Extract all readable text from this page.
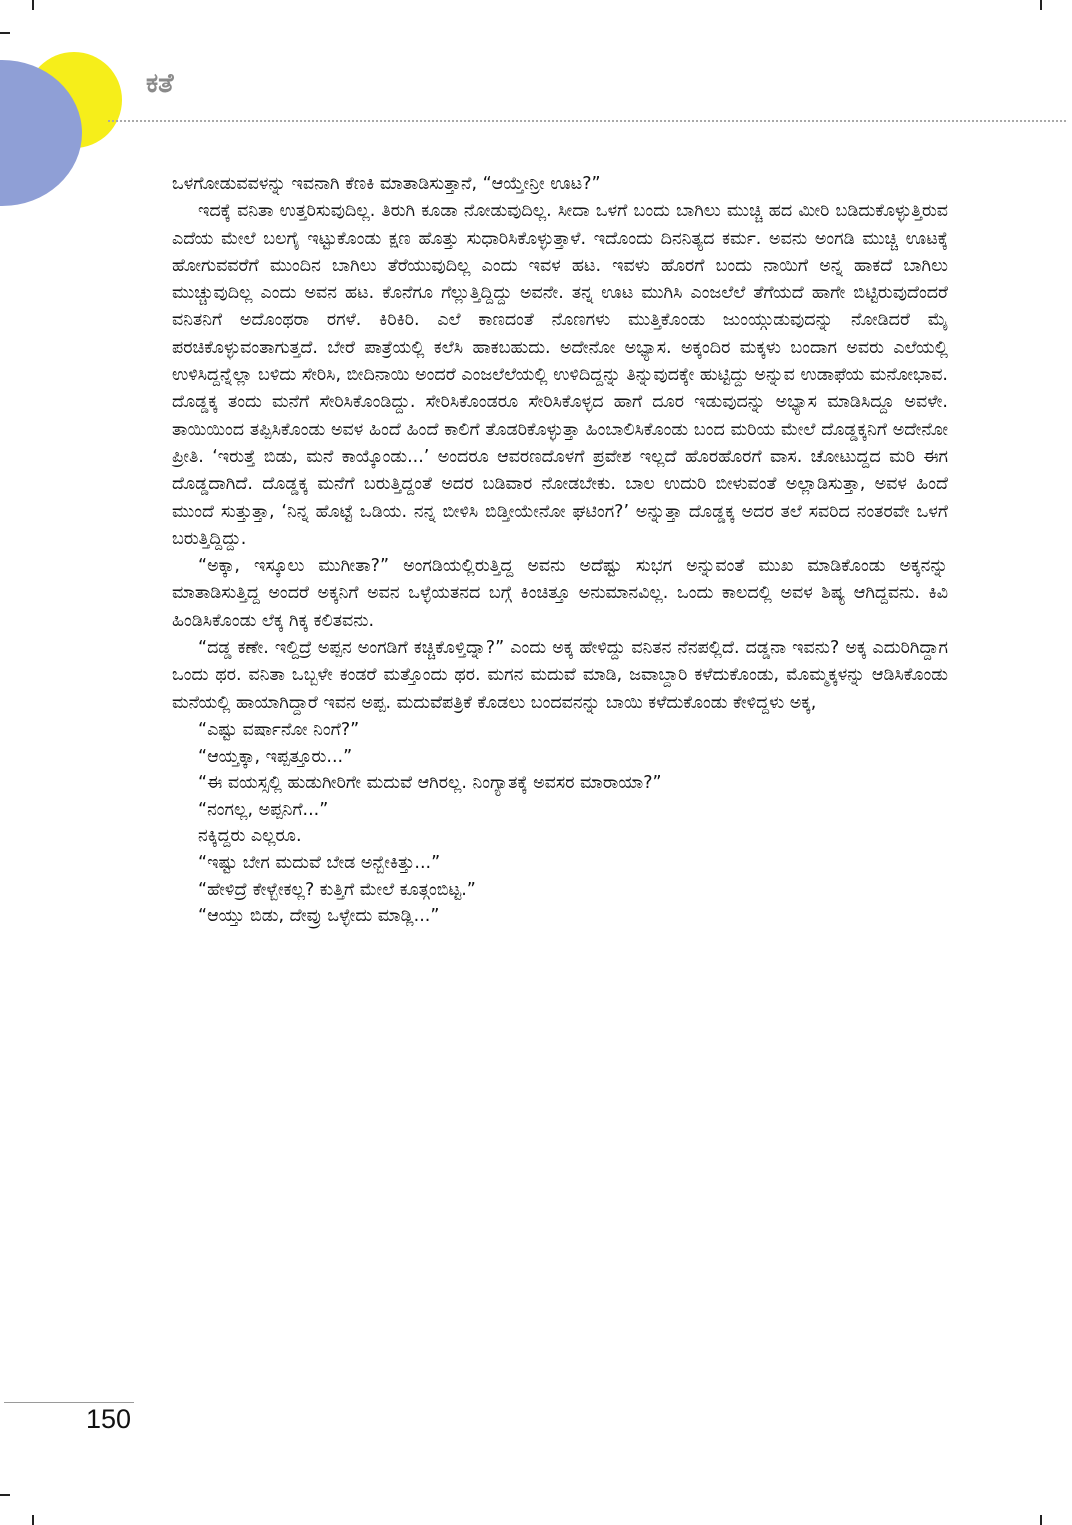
ಕತೆ

ಒಳಗೋಡುವವಳನ್ನು ಇವನಾಗಿ ಕೆಣಕಿ ಮಾತಾಡಿಸುತ್ತಾನೆ, “ಆಯ್ತೇನ್ರೀ ಊಟ?”

ಇದಕ್ಕೆ ವನಿತಾ ಉತ್ತರಿಸುವುದಿಲ್ಲ. ತಿರುಗಿ ಕೂಡಾ ನೋಡುವುದಿಲ್ಲ. ಸೀದಾ ಒಳಗೆ ಬಂದು ಬಾಗಿಲು ಮುಚ್ಚಿ ಹದ ಮೀರಿ ಬಡಿದುಕೊಳ್ಳುತ್ತಿರುವ ಎದೆಯ ಮೇಲೆ ಬಲಗೈ ಇಟ್ಟುಕೊಂಡು ಕ್ಷಣ ಹೊತ್ತು ಸುಧಾರಿಸಿಕೊಳ್ಳುತ್ತಾಳೆ. ಇದೊಂದು ದಿನನಿತ್ಯದ ಕರ್ಮ. ಅವನು ಅಂಗಡಿ ಮುಚ್ಚಿ ಊಟಕ್ಕೆ ಹೋಗುವವರೆಗೆ ಮುಂದಿನ ಬಾಗಿಲು ತೆರೆಯುವುದಿಲ್ಲ ಎಂದು ಇವಳ ಹಟ. ಇವಳು ಹೊರಗೆ ಬಂದು ನಾಯಿಗೆ ಅನ್ನ ಹಾಕದೆ ಬಾಗಿಲು ಮುಚ್ಚುವುದಿಲ್ಲ ಎಂದು ಅವನ ಹಟ. ಕೊನೆಗೂ ಗೆಲ್ಲುತ್ತಿದ್ದಿದ್ದು ಅವನೇ. ತನ್ನ ಊಟ ಮುಗಿಸಿ ಎಂಜಲೆಲೆ ತೆಗೆಯದೆ ಹಾಗೇ ಬಿಟ್ಟಿರುವುದೆಂದರೆ ವನಿತನಿಗೆ ಅದೊಂಥರಾ ರಗಳೆ. ಕಿರಿಕಿರಿ. ಎಲೆ ಕಾಣದಂತೆ ನೊಣಗಳು ಮುತ್ತಿಕೊಂಡು ಜುಂಯ್ಗುಡುವುದನ್ನು ನೋಡಿದರೆ ಮೈ ಪರಚಿಕೊಳ್ಳುವಂತಾಗುತ್ತದೆ. ಬೇರೆ ಪಾತ್ರೆಯಲ್ಲಿ ಕಲೆಸಿ ಹಾಕಬಹುದು. ಅದೇನೋ ಅಭ್ಯಾಸ. ಅಕ್ಕಂದಿರ ಮಕ್ಕಳು ಬಂದಾಗ ಅವರು ಎಲೆಯಲ್ಲಿ ಉಳಿಸಿದ್ದನ್ನೆಲ್ಲಾ ಬಳಿದು ಸೇರಿಸಿ, ಬೀದಿನಾಯಿ ಅಂದರೆ ಎಂಜಲೆಲೆಯಲ್ಲಿ ಉಳಿದಿದ್ದನ್ನು ತಿನ್ನುವುದಕ್ಕೇ ಹುಟ್ಟಿದ್ದು ಅನ್ನುವ ಉಡಾಫೆಯ ಮನೋಭಾವ. ದೊಡ್ಡಕ್ಕ ತಂದು ಮನೆಗೆ ಸೇರಿಸಿಕೊಂಡಿದ್ದು. ಸೇರಿಸಿಕೊಂಡರೂ ಸೇರಿಸಿಕೊಳ್ಳದ ಹಾಗೆ ದೂರ ಇಡುವುದನ್ನು ಅಭ್ಯಾಸ ಮಾಡಿಸಿದ್ದೂ ಅವಳೇ. ತಾಯಿಯಿಂದ ತಪ್ಪಿಸಿಕೊಂಡು ಅವಳ ಹಿಂದೆ ಹಿಂದೆ ಕಾಲಿಗೆ ತೊಡರಿಕೊಳ್ಳುತ್ತಾ ಹಿಂಬಾಲಿಸಿಕೊಂಡು ಬಂದ ಮರಿಯ ಮೇಲೆ ದೊಡ್ಡಕ್ಕನಿಗೆ ಅದೇನೋ ಪ್ರೀತಿ. ‘ಇರುತ್ತೆ ಬಿಡು, ಮನೆ ಕಾಯ್ಕೊಂಡು...’ ಅಂದರೂ ಆವರಣದೊಳಗೆ ಪ್ರವೇಶ ಇಲ್ಲದೆ ಹೊರಹೊರಗೆ ವಾಸ. ಚೋಟುದ್ದದ ಮರಿ ಈಗ ದೊಡ್ಡದಾಗಿದೆ. ದೊಡ್ಡಕ್ಕ ಮನೆಗೆ ಬರುತ್ತಿದ್ದಂತೆ ಅದರ ಬಡಿವಾರ ನೋಡಬೇಕು. ಬಾಲ ಉದುರಿ ಬೀಳುವಂತೆ ಅಲ್ಲಾಡಿಸುತ್ತಾ, ಅವಳ ಹಿಂದೆ ಮುಂದೆ ಸುತ್ತುತ್ತಾ, ‘ನಿನ್ನ ಹೊಟ್ಟೆ ಒಡಿಯ. ನನ್ನ ಬೀಳಿಸಿ ಬಿಡ್ತೀಯೇನೋ ಘಟಿಂಗ?’ ಅನ್ನುತ್ತಾ ದೊಡ್ಡಕ್ಕ ಅದರ ತಲೆ ಸವರಿದ ನಂತರವೇ ಒಳಗೆ ಬರುತ್ತಿದ್ದಿದ್ದು.

“ಅಕ್ಕಾ, ಇಸ್ಕೂಲು ಮುಗೀತಾ?” ಅಂಗಡಿಯಲ್ಲಿರುತ್ತಿದ್ದ ಅವನು ಅದೆಷ್ಟು ಸುಭಗ ಅನ್ನುವಂತೆ ಮುಖ ಮಾಡಿಕೊಂಡು ಅಕ್ಕನನ್ನು ಮಾತಾಡಿಸುತ್ತಿದ್ದ ಅಂದರೆ ಅಕ್ಕನಿಗೆ ಅವನ ಒಳ್ಳೆಯತನದ ಬಗ್ಗೆ ಕಿಂಚಿತ್ತೂ ಅನುಮಾನವಿಲ್ಲ. ಒಂದು ಕಾಲದಲ್ಲಿ ಅವಳ ಶಿಷ್ಯ ಆಗಿದ್ದವನು. ಕಿವಿ ಹಿಂಡಿಸಿಕೊಂಡು ಲೆಕ್ಕ ಗಿಕ್ಕ ಕಲಿತವನು.

“ದಡ್ಡ ಕಣೇ. ಇಲ್ದಿದ್ರೆ ಅಪ್ಪನ ಅಂಗಡಿಗೆ ಕಚ್ಚಿಕೊಳ್ತಿದ್ನಾ?” ಎಂದು ಅಕ್ಕ ಹೇಳಿದ್ದು ವನಿತನ ನೆನಪಲ್ಲಿದೆ. ದಡ್ಡನಾ ಇವನು? ಅಕ್ಕ ಎದುರಿಗಿದ್ದಾಗ ಒಂದು ಥರ. ವನಿತಾ ಒಬ್ಬಳೇ ಕಂಡರೆ ಮತ್ತೊಂದು ಥರ. ಮಗನ ಮದುವೆ ಮಾಡಿ, ಜವಾಬ್ದಾರಿ ಕಳೆದುಕೊಂಡು, ಮೊಮ್ಮಕ್ಕಳನ್ನು ಆಡಿಸಿಕೊಂಡು ಮನೆಯಲ್ಲಿ ಹಾಯಾಗಿದ್ದಾರೆ ಇವನ ಅಪ್ಪ. ಮದುವೆಪತ್ರಿಕೆ ಕೊಡಲು ಬಂದವನನ್ನು ಬಾಯಿ ಕಳೆದುಕೊಂಡು ಕೇಳಿದ್ದಳು ಅಕ್ಕ,

“ಎಷ್ಟು ವರ್ಷಾನೋ ನಿಂಗೆ?”

“ಆಯ್ತಕ್ಕಾ, ಇಪ್ಪತ್ತೂರು...”

“ಈ ವಯಸ್ಸಲ್ಲಿ ಹುಡುಗೀರಿಗೇ ಮದುವೆ ಆಗಿರಲ್ಲ. ನಿಂಗ್ಯಾತಕ್ಕೆ ಅವಸರ ಮಾರಾಯಾ?”

“ನಂಗಲ್ಲ, ಅಪ್ಪನಿಗೆ...”

ನಕ್ಕಿದ್ದರು ಎಲ್ಲರೂ.

“ಇಷ್ಟು ಬೇಗ ಮದುವೆ ಬೇಡ ಅನ್ಬೇಕಿತ್ತು...”

“ಹೇಳಿದ್ರೆ ಕೇಳ್ಬೇಕಲ್ಲ? ಕುತ್ತಿಗೆ ಮೇಲೆ ಕೂತ್ಗಂಬಿಟ್ಟ.”

“ಆಯ್ತು ಬಿಡು, ದೇವ್ರು ಒಳ್ಳೇದು ಮಾಡ್ಲಿ...”

150
